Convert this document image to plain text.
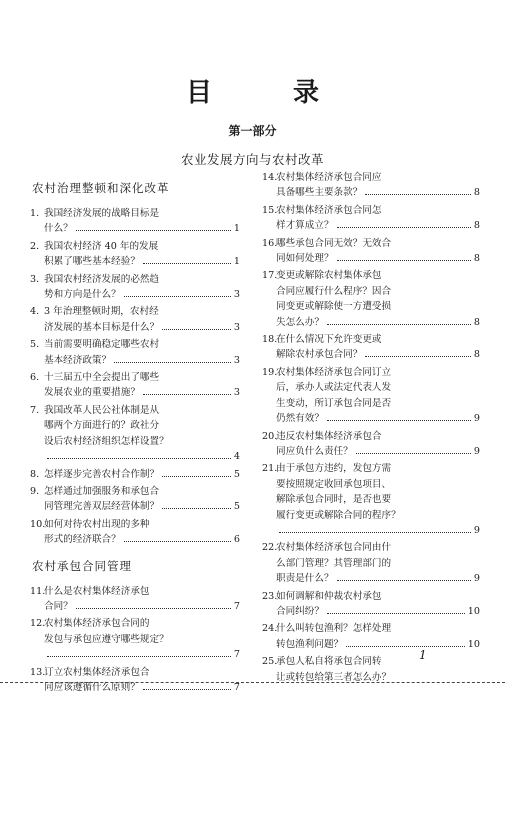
目 录
第一部分
农业发展方向与农村改革
农村治理整顿和深化改革
1. 我国经济发展的战略目标是
什么？	1
2. 我国农村经济 40 年的发展
积累了哪些基本经验？	1
3. 我国农村经济发展的必然趋
势和方向是什么？	3
4. 3 年治理整顿时期，农村经
济发展的基本目标是什么？	3
5. 当前需要明确稳定哪些农村
基本经济政策？	3
6. 十三届五中全会提出了哪些
发展农业的重要措施？	3
7. 我国改革人民公社体制是从
哪两个方面进行的？政社分
设后农村经济组织怎样设置？
4
8. 怎样逐步完善农村合作制？	5
9. 怎样通过加强服务和承包合
同管理完善双层经营体制？	5
10.
如何对待农村出现的多种
形式的经济联合？	6
农村承包合同管理
11.
什么是农村集体经济承包
合同？	7
12.
农村集体经济承包合同的
发包与承包应遵守哪些规定？
7
13.
订立农村集体经济承包合
同应该遵循什么原则？	7
14.
农村集体经济承包合同应
具备哪些主要条款？	8
15.
农村集体经济承包合同怎
样才算成立？	8
16.
哪些承包合同无效？无效合
同如何处理？	8
17.
变更或解除农村集体承包
合同应履行什么程序？因合
同变更或解除使一方遭受损
失怎么办？	8
18.
在什么情况下允许变更或
解除农村承包合同？	8
19.
农村集体经济承包合同订立
后，承办人或法定代表人发
生变动，所订承包合同是否
仍然有效？	9
20.
违反农村集体经济承包合
同应负什么责任？	9
21.
由于承包方违约，发包方需
要按照规定收回承包项目、
解除承包合同时，是否也要
履行变更或解除合同的程序？
9
22.
农村集体经济承包合同由什
么部门管理？其管理部门的
职责是什么？	9
23.
如何调解和仲裁农村承包
合同纠纷？	10
24.
什么叫转包渔利？怎样处理
转包渔利问题？	10
25.
承包人私自将承包合同转
让或转包给第三者怎么办？
1
